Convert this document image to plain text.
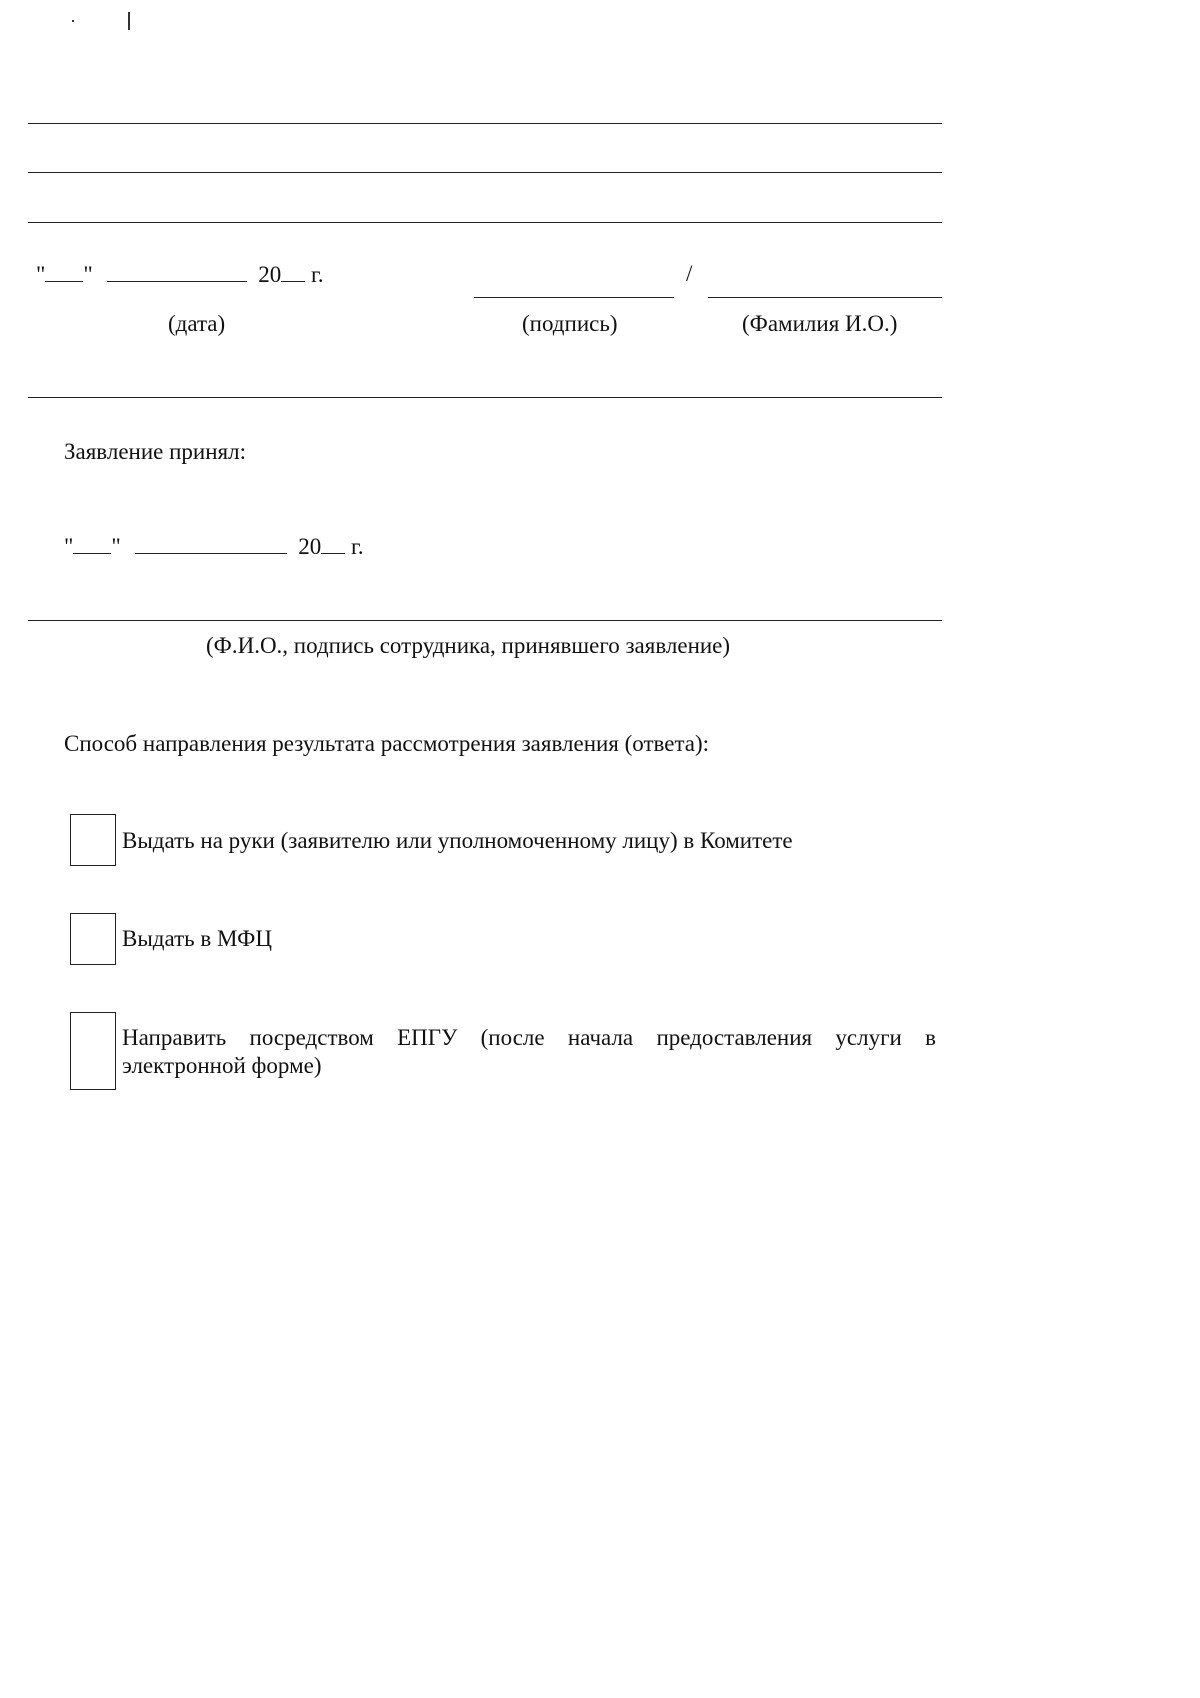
" "	20 г.	/
(дата)	(подпись)	(Фамилия И.О.)
Заявление принял:
" "	20 г.
(Ф.И.О., подпись сотрудника, принявшего заявление)
Способ направления результата рассмотрения заявления (ответа):
Выдать на руки (заявителю или уполномоченному лицу) в Комитете
Выдать в МФЦ
Направить посредством ЕПГУ (после начала предоставления услуги в электронной форме)
